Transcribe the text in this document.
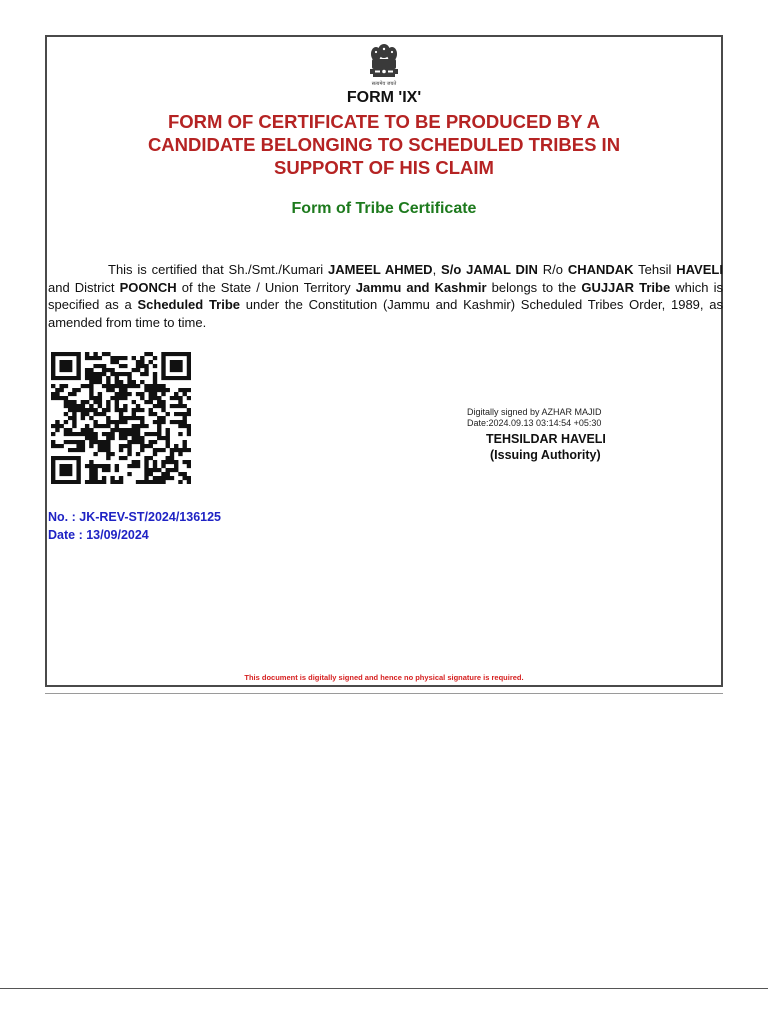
सत्यमेव जयते
FORM 'IX'
FORM OF CERTIFICATE TO BE PRODUCED BY A
CANDIDATE BELONGING TO SCHEDULED TRIBES IN
SUPPORT OF HIS CLAIM
Form of Tribe Certificate

This is certified that Sh./Smt./Kumari JAMEEL AHMED, S/o JAMAL DIN R/o CHANDAK Tehsil HAVELI and District POONCH of the State / Union Territory Jammu and Kashmir belongs to the GUJJAR Tribe which is specified as a Scheduled Tribe under the Constitution (Jammu and Kashmir) Scheduled Tribes Order, 1989, as amended from time to time.

Digitally signed by AZHAR MAJID
Date:2024.09.13 03:14:54 +05:30
TEHSILDAR HAVELI
(Issuing Authority)
No. : JK-REV-ST/2024/136125
Date : 13/09/2024
This document is digitally signed and hence no physical signature is required.
